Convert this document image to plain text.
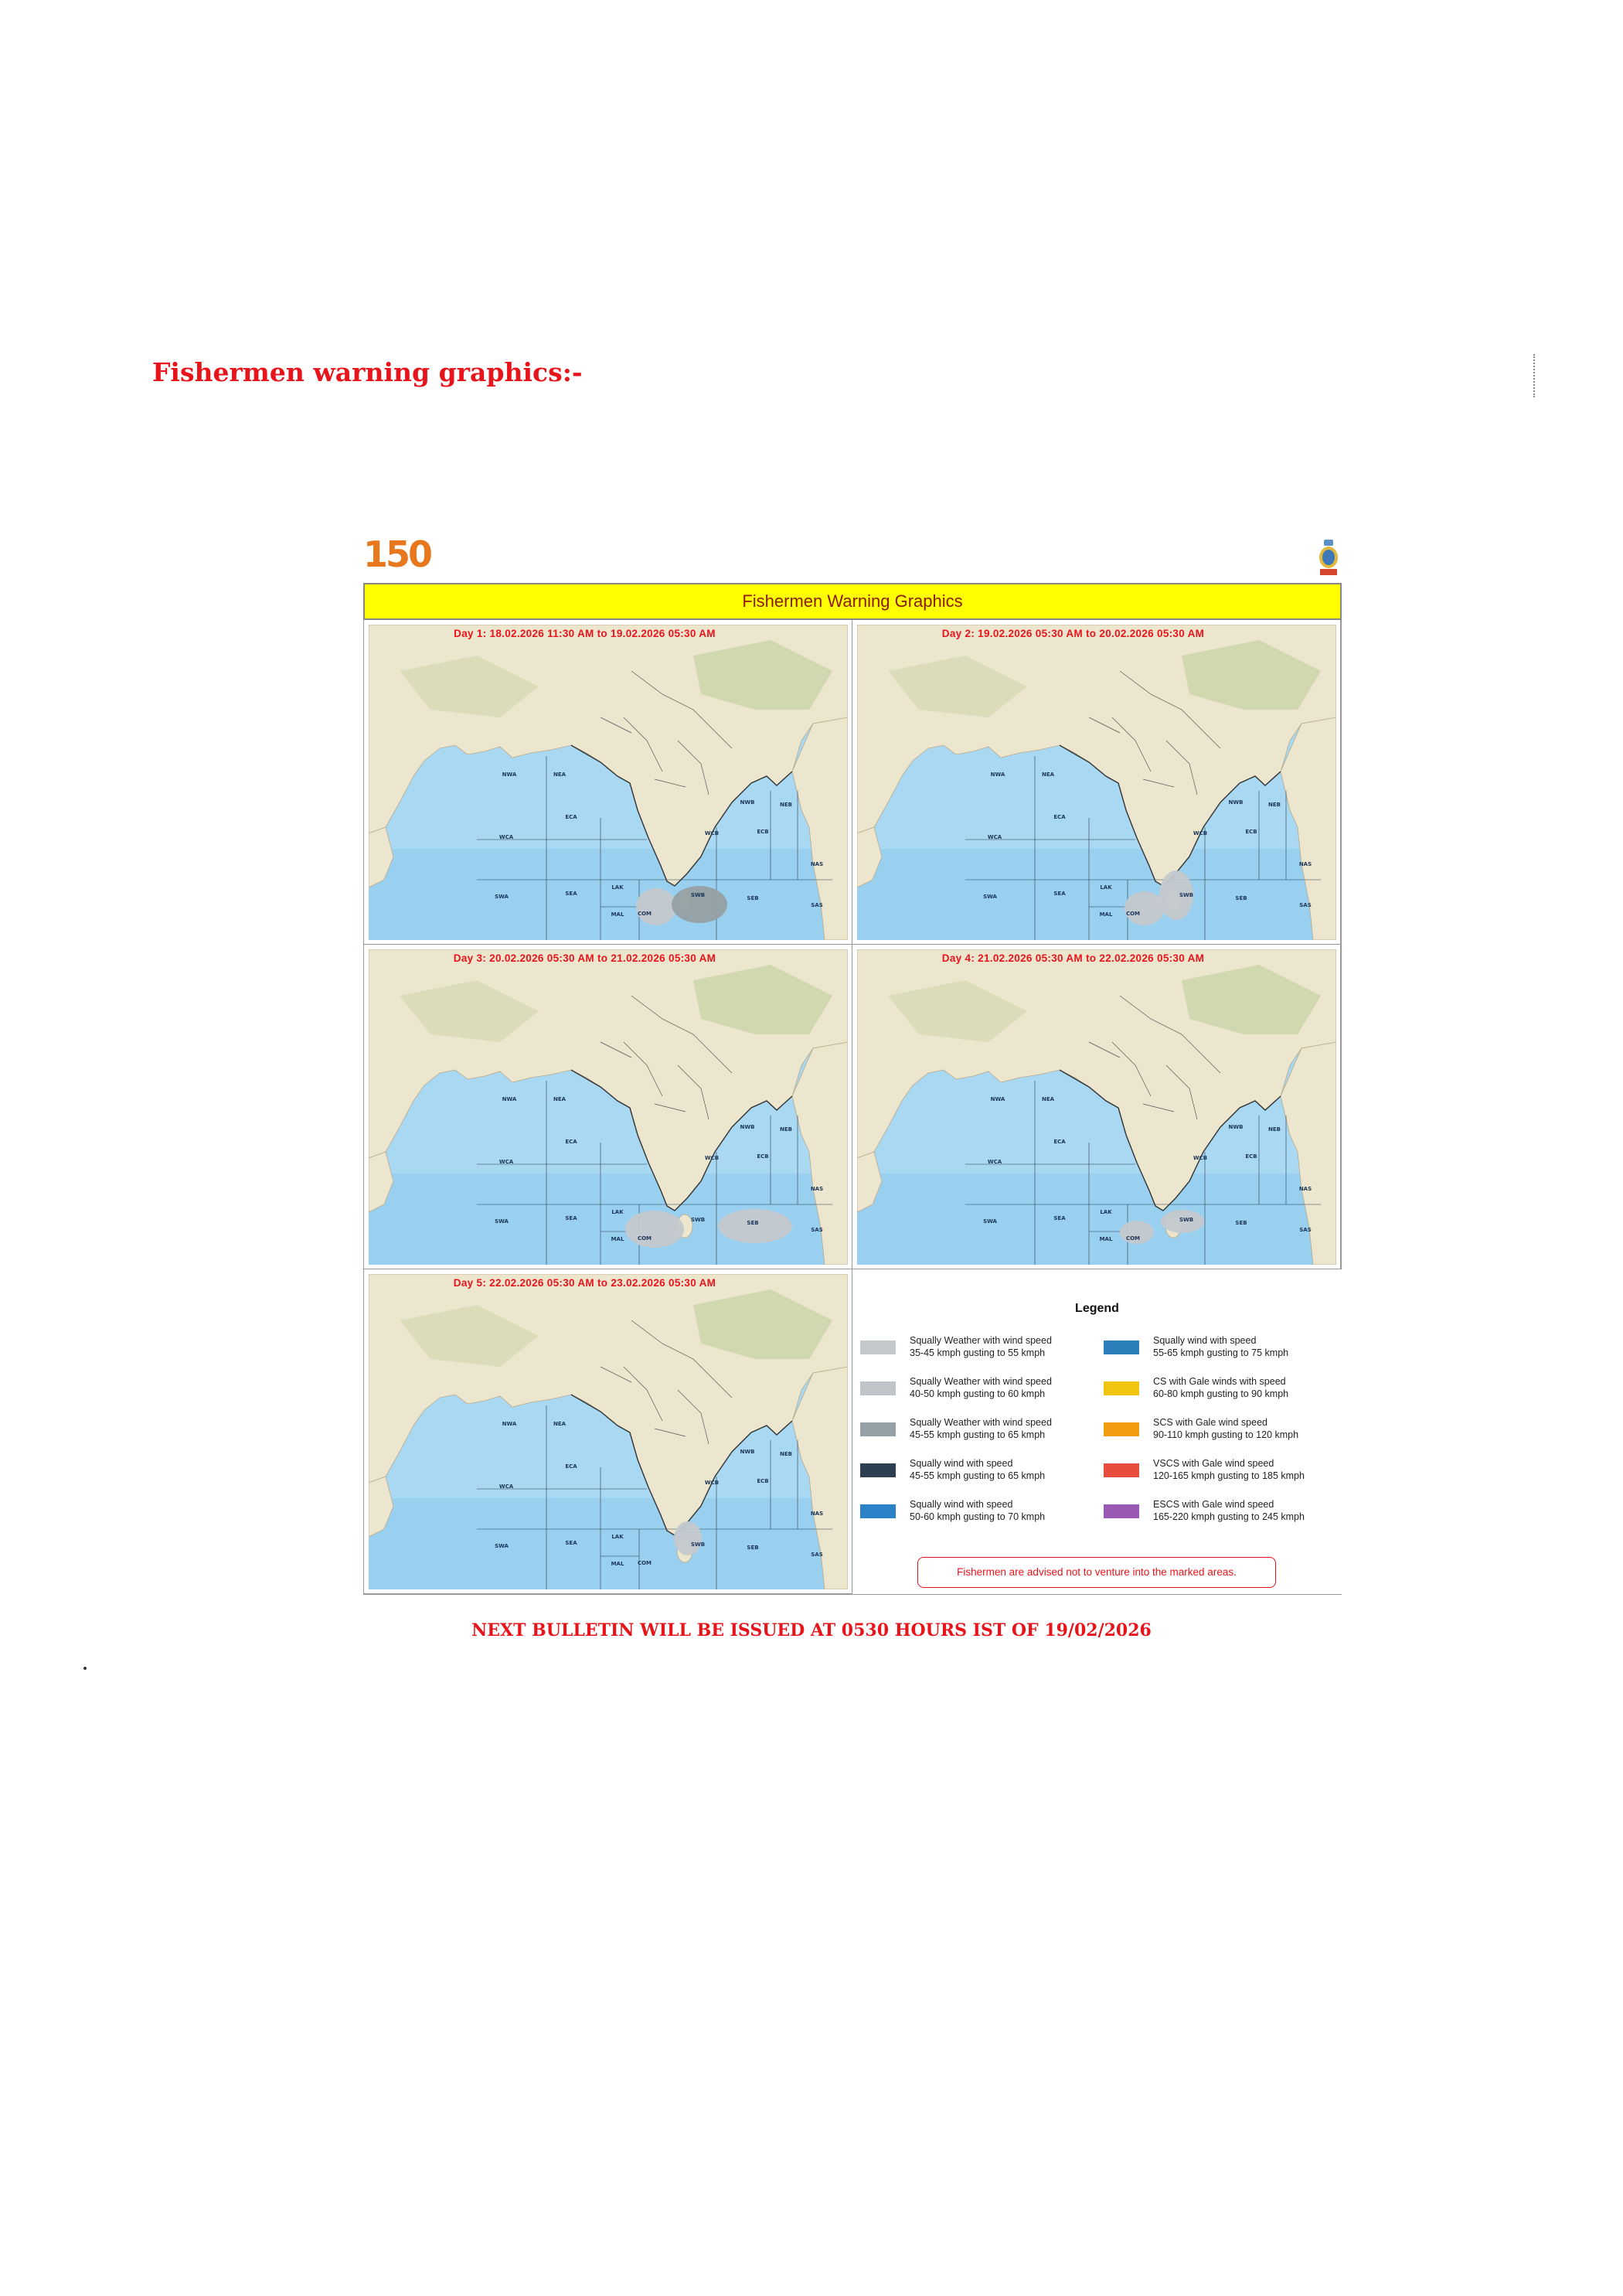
Fishermen warning graphics:-
150
Fishermen Warning Graphics
NWA	NEA
WCA
ECA
SWA	SEA
LAK
MAL	COM
SWB	SEB
WCB	ECB
NWB	NEB
NAS
SAS
Day 1: 18.02.2026 11:30 AM to 19.02.2026 05:30 AM
NWA	NEA
WCA
ECA
SWA	SEA
LAK
MAL	COM
SWB	SEB
WCB	ECB
NWB	NEB
NAS
SAS
Day 2: 19.02.2026 05:30 AM to 20.02.2026 05:30 AM
NWA	NEA
WCA
ECA
SWA	SEA
LAK
MAL	COM
SWB	SEB
WCB	ECB
NWB	NEB
NAS
SAS
Day 3: 20.02.2026 05:30 AM to 21.02.2026 05:30 AM
NWA	NEA
WCA
ECA
SWA	SEA
LAK
MAL	COM
SWB	SEB
WCB	ECB
NWB	NEB
NAS
SAS
Day 4: 21.02.2026 05:30 AM to 22.02.2026 05:30 AM
NWA	NEA
WCA
ECA
SWA	SEA
LAK
MAL	COM
SWB	SEB
WCB	ECB
NWB	NEB
NAS
SAS
Day 5: 22.02.2026 05:30 AM to 23.02.2026 05:30 AM
Legend
Squally Weather with wind speed
35-45 kmph gusting to 55 kmph
Squally Weather with wind speed
40-50 kmph gusting to 60 kmph
Squally Weather with wind speed
45-55 kmph gusting to 65 kmph
Squally wind with speed
45-55 kmph gusting to 65 kmph
Squally wind with speed
50-60 kmph gusting to 70 kmph
Squally wind with speed
55-65 kmph gusting to 75 kmph
CS with Gale winds with speed
60-80 kmph gusting to 90 kmph
SCS with Gale wind speed
90-110 kmph gusting to 120 kmph
VSCS with Gale wind speed
120-165 kmph gusting to 185 kmph
ESCS with Gale wind speed
165-220 kmph gusting to 245 kmph
Fishermen are advised not to venture into the marked areas.
NEXT BULLETIN WILL BE ISSUED AT 0530 HOURS IST OF 19/02/2026
